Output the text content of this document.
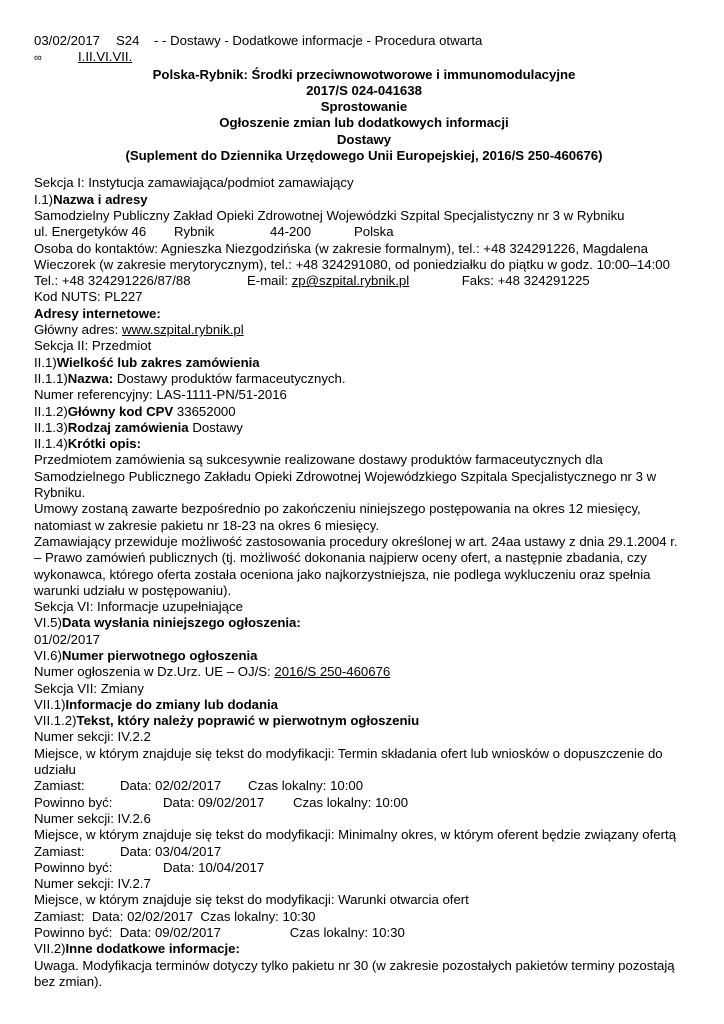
03/02/2017 S24 - - Dostawy - Dodatkowe informacje - Procedura otwarta
∞	I.II.VI.VII.
Polska-Rybnik: Środki przeciwnowotworowe i immunomodulacyjne
2017/S 024-041638
Sprostowanie
Ogłoszenie zmian lub dodatkowych informacji
Dostawy
(Suplement do Dziennika Urzędowego Unii Europejskiej, 2016/S 250-460676)
Sekcja I: Instytucja zamawiająca/podmiot zamawiający
I.1)Nazwa i adresy
Samodzielny Publiczny Zakład Opieki Zdrowotnej Wojewódzki Szpital Specjalistyczny nr 3 w Rybniku
ul. Energetyków 46 Rybnik	44-200	Polska
Osoba do kontaktów: Agnieszka Niezgodzińska (w zakresie formalnym), tel.: +48 324291226, Magdalena
Wieczorek (w zakresie merytorycznym), tel.: +48 324291080, od poniedziałku do piątku w godz. 10:00–14:00
Tel.: +48 324291226/87/88	E-mail: zp@szpital.rybnik.pl	Faks: +48 324291225
Kod NUTS: PL227
Adresy internetowe:
Główny adres: www.szpital.rybnik.pl
Sekcja II: Przedmiot
II.1)Wielkość lub zakres zamówienia
II.1.1)Nazwa: Dostawy produktów farmaceutycznych.
Numer referencyjny: LAS-1111-PN/51-2016
II.1.2)Główny kod CPV 33652000
II.1.3)Rodzaj zamówienia Dostawy
II.1.4)Krótki opis:
Przedmiotem zamówienia są sukcesywnie realizowane dostawy produktów farmaceutycznych dla
Samodzielnego Publicznego Zakładu Opieki Zdrowotnej Wojewódzkiego Szpitala Specjalistycznego nr 3 w
Rybniku.
Umowy zostaną zawarte bezpośrednio po zakończeniu niniejszego postępowania na okres 12 miesięcy,
natomiast w zakresie pakietu nr 18-23 na okres 6 miesięcy.
Zamawiający przewiduje możliwość zastosowania procedury określonej w art. 24aa ustawy z dnia 29.1.2004 r.
– Prawo zamówień publicznych (tj. możliwość dokonania najpierw oceny ofert, a następnie zbadania, czy
wykonawca, którego oferta została oceniona jako najkorzystniejsza, nie podlega wykluczeniu oraz spełnia
warunki udziału w postępowaniu).
Sekcja VI: Informacje uzupełniające
VI.5)Data wysłania niniejszego ogłoszenia:
01/02/2017
VI.6)Numer pierwotnego ogłoszenia
Numer ogłoszenia w Dz.Urz. UE – OJ/S: 2016/S 250-460676
Sekcja VII: Zmiany
VII.1)Informacje do zmiany lub dodania
VII.1.2)Tekst, który należy poprawić w pierwotnym ogłoszeniu
Numer sekcji: IV.2.2
Miejsce, w którym znajduje się tekst do modyfikacji: Termin składania ofert lub wniosków o dopuszczenie do
udziału
Zamiast:	Data: 02/02/2017 Czas lokalny: 10:00
Powinno być:	Data: 09/02/2017 Czas lokalny: 10:00
Numer sekcji: IV.2.6
Miejsce, w którym znajduje się tekst do modyfikacji: Minimalny okres, w którym oferent będzie związany ofertą
Zamiast:	Data: 03/04/2017
Powinno być:	Data: 10/04/2017
Numer sekcji: IV.2.7
Miejsce, w którym znajduje się tekst do modyfikacji: Warunki otwarcia ofert
Zamiast: Data: 02/02/2017 Czas lokalny: 10:30
Powinno być: Data: 09/02/2017	Czas lokalny: 10:30
VII.2)Inne dodatkowe informacje:
Uwaga. Modyfikacja terminów dotyczy tylko pakietu nr 30 (w zakresie pozostałych pakietów terminy pozostają
bez zmian).
